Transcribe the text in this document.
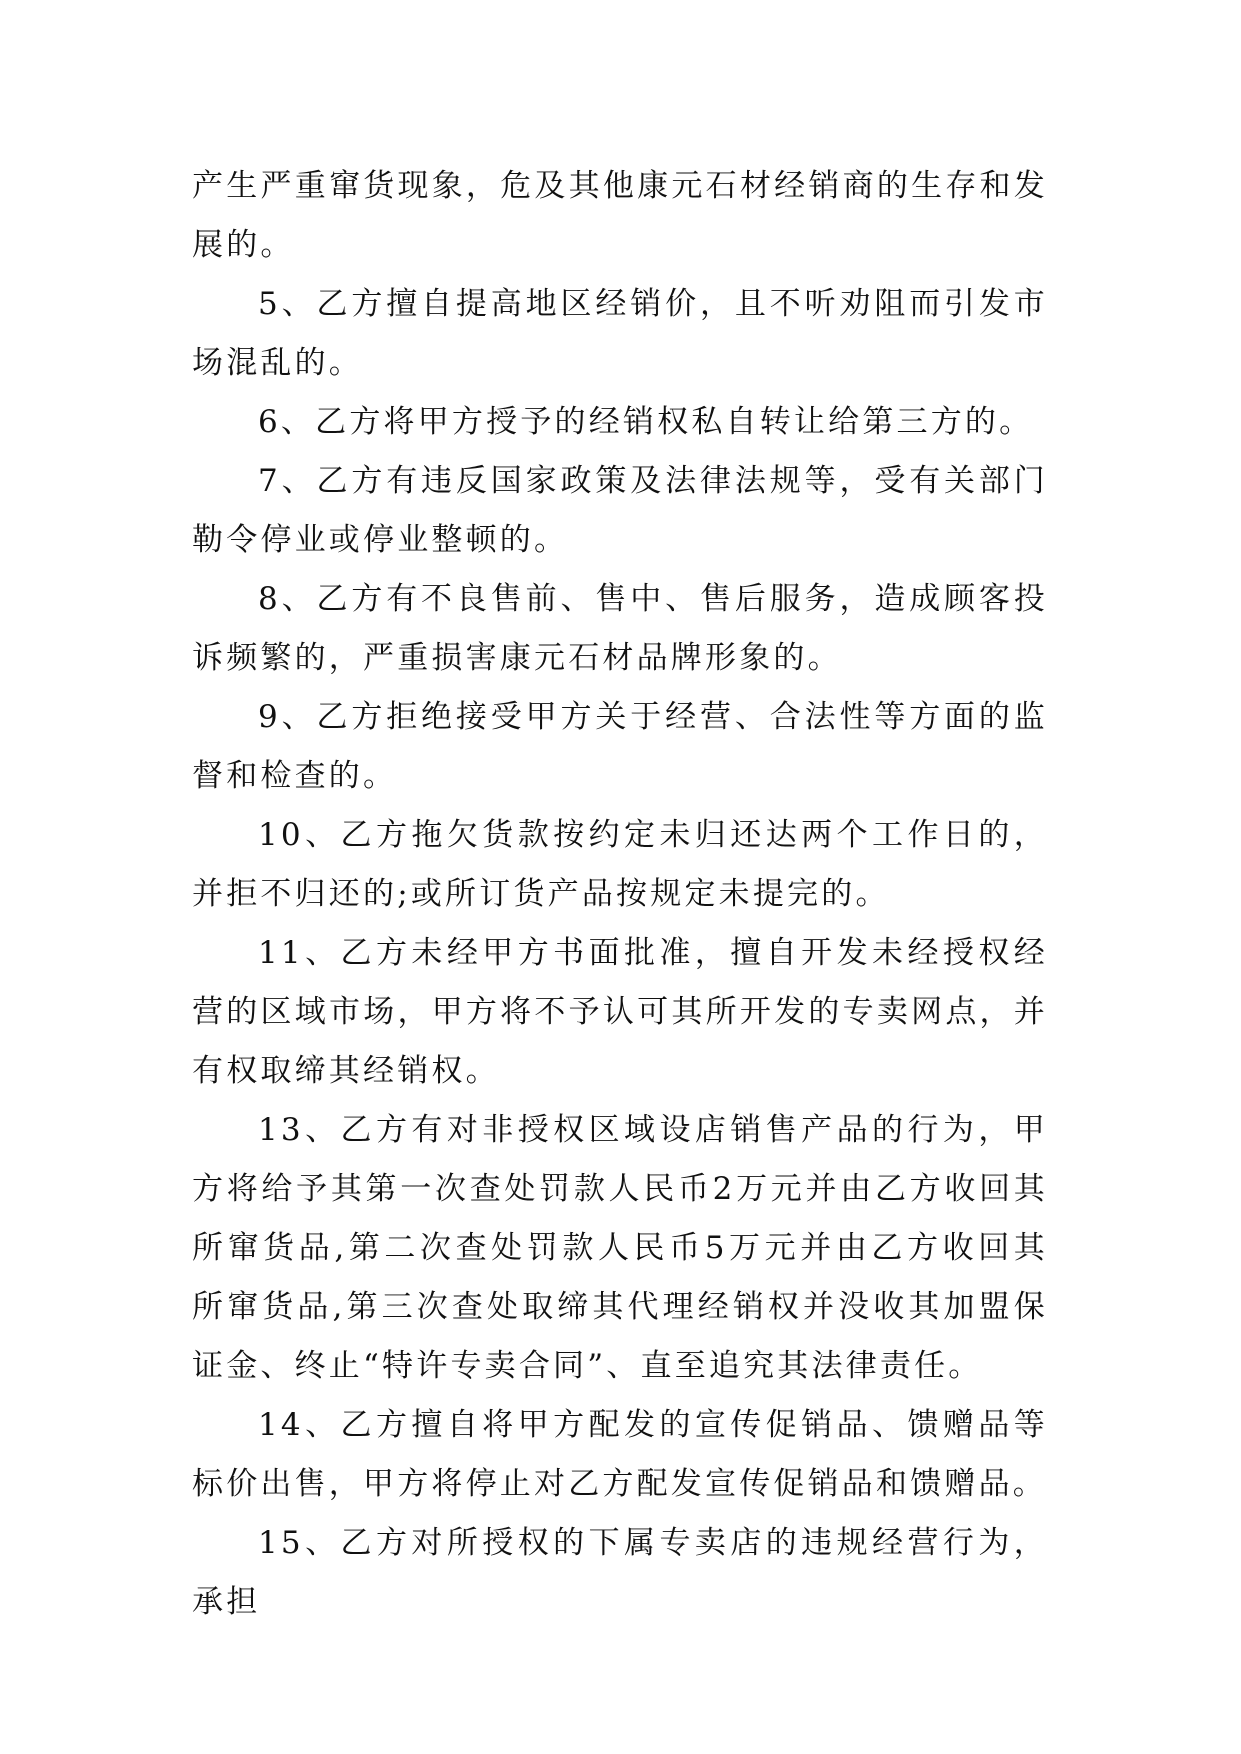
产生严重窜货现象，危及其他康元石材经销商的生存和发展的。

5、乙方擅自提高地区经销价，且不听劝阻而引发市场混乱的。

6、乙方将甲方授予的经销权私自转让给第三方的。

7、乙方有违反国家政策及法律法规等，受有关部门勒令停业或停业整顿的。

8、乙方有不良售前、售中、售后服务，造成顾客投诉频繁的，严重损害康元石材品牌形象的。

9、乙方拒绝接受甲方关于经营、合法性等方面的监督和检查的。

10、乙方拖欠货款按约定未归还达两个工作日的，并拒不归还的;或所订货产品按规定未提完的。

11、乙方未经甲方书面批准，擅自开发未经授权经营的区域市场，甲方将不予认可其所开发的专卖网点，并有权取缔其经销权。

13、乙方有对非授权区域设店销售产品的行为，甲方将给予其第一次查处罚款人民币2万元并由乙方收回其所窜货品,第二次查处罚款人民币5万元并由乙方收回其所窜货品,第三次查处取缔其代理经销权并没收其加盟保证金、终止“特许专卖合同”、直至追究其法律责任。

14、乙方擅自将甲方配发的宣传促销品、馈赠品等标价出售，甲方将停止对乙方配发宣传促销品和馈赠品。

15、乙方对所授权的下属专卖店的违规经营行为，承担
